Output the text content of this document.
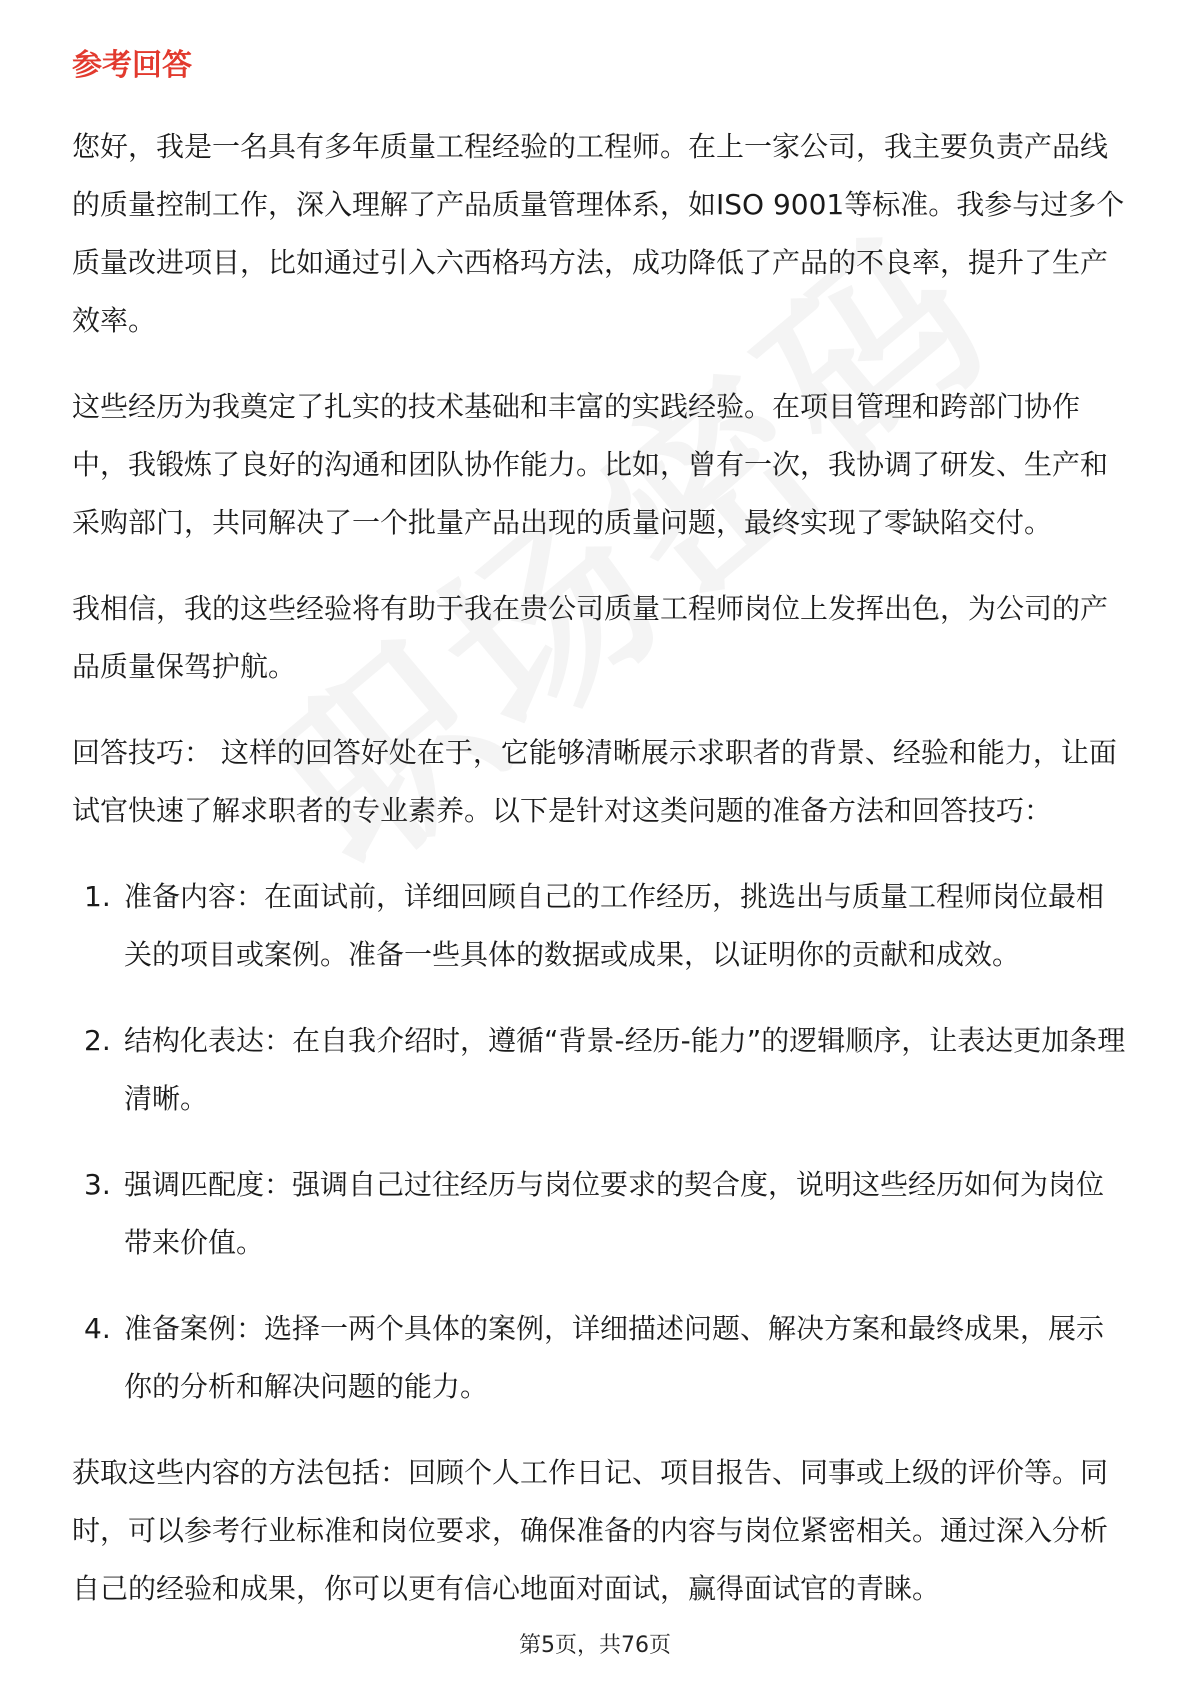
参考回答

您好，我是一名具有多年质量工程经验的工程师。在上一家公司，我主要负责产品线的质量控制工作，深入理解了产品质量管理体系，如ISO 9001等标准。我参与过多个质量改进项目，比如通过引入六西格玛方法，成功降低了产品的不良率，提升了生产效率。

这些经历为我奠定了扎实的技术基础和丰富的实践经验。在项目管理和跨部门协作中，我锻炼了良好的沟通和团队协作能力。比如，曾有一次，我协调了研发、生产和采购部门，共同解决了一个批量产品出现的质量问题，最终实现了零缺陷交付。

我相信，我的这些经验将有助于我在贵公司质量工程师岗位上发挥出色，为公司的产品质量保驾护航。

回答技巧： 这样的回答好处在于，它能够清晰展示求职者的背景、经验和能力，让面试官快速了解求职者的专业素养。以下是针对这类问题的准备方法和回答技巧：

1. 准备内容：在面试前，详细回顾自己的工作经历，挑选出与质量工程师岗位最相关的项目或案例。准备一些具体的数据或成果，以证明你的贡献和成效。
2. 结构化表达：在自我介绍时，遵循“背景-经历-能力”的逻辑顺序，让表达更加条理清晰。
3. 强调匹配度：强调自己过往经历与岗位要求的契合度，说明这些经历如何为岗位带来价值。
4. 准备案例：选择一两个具体的案例，详细描述问题、解决方案和最终成果，展示你的分析和解决问题的能力。

获取这些内容的方法包括：回顾个人工作日记、项目报告、同事或上级的评价等。同时，可以参考行业标准和岗位要求，确保准备的内容与岗位紧密相关。通过深入分析自己的经验和成果，你可以更有信心地面对面试，赢得面试官的青睐。

第5页，共76页
